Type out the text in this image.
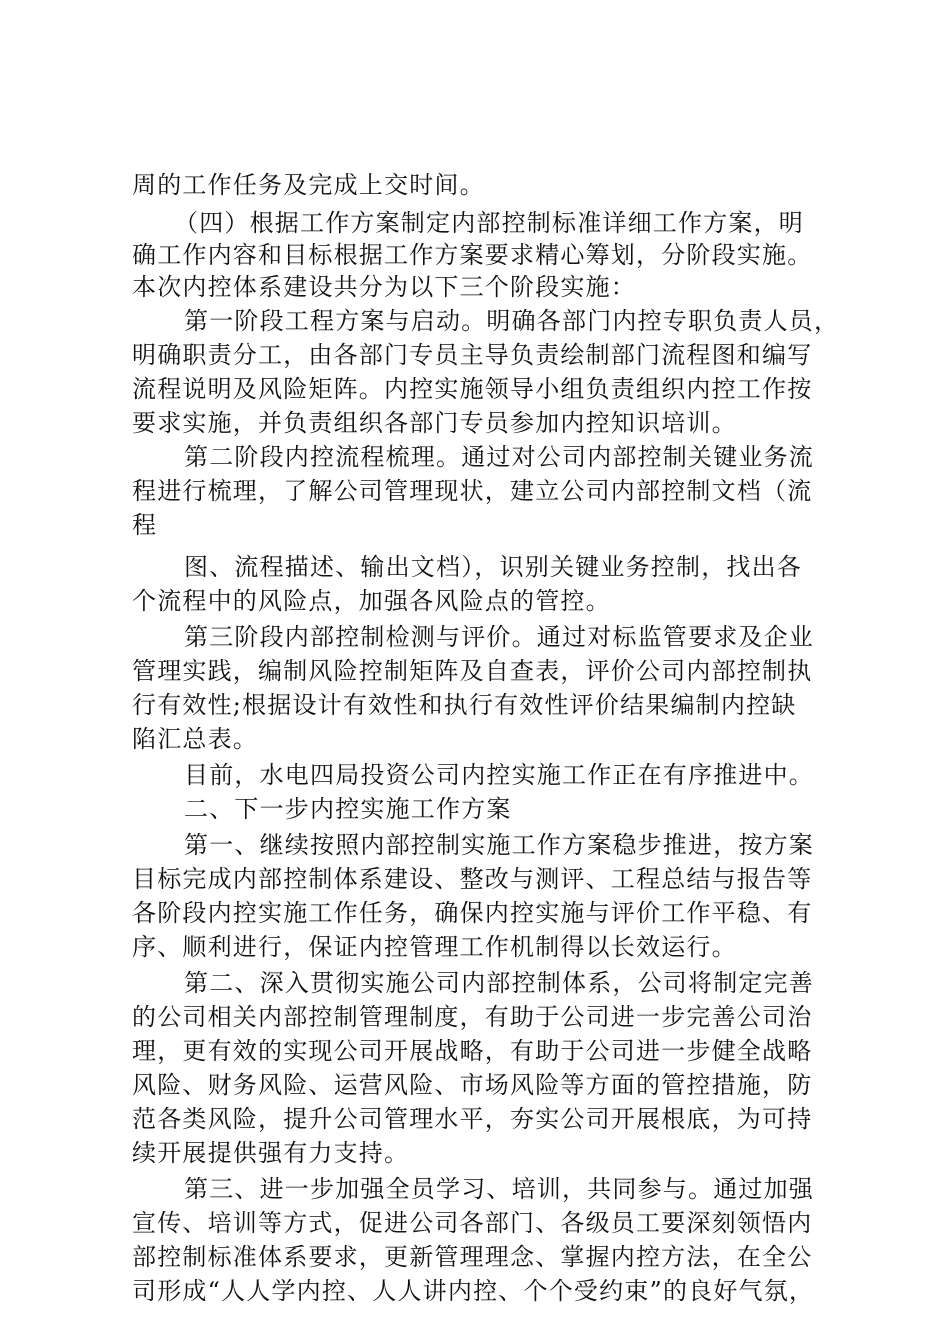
周的工作任务及完成上交时间。
（四）根据工作方案制定内部控制标准详细工作方案，明
确工作内容和目标根据工作方案要求精心筹划，分阶段实施。
本次内控体系建设共分为以下三个阶段实施：
第一阶段工程方案与启动。明确各部门内控专职负责人员，
明确职责分工，由各部门专员主导负责绘制部门流程图和编写
流程说明及风险矩阵。内控实施领导小组负责组织内控工作按
要求实施，并负责组织各部门专员参加内控知识培训。
第二阶段内控流程梳理。通过对公司内部控制关键业务流
程进行梳理，了解公司管理现状，建立公司内部控制文档（流
程
图、流程描述、输出文档），识别关键业务控制，找出各
个流程中的风险点，加强各风险点的管控。
第三阶段内部控制检测与评价。通过对标监管要求及企业
管理实践，编制风险控制矩阵及自查表，评价公司内部控制执
行有效性;根据设计有效性和执行有效性评价结果编制内控缺
陷汇总表。
目前，水电四局投资公司内控实施工作正在有序推进中。
二、下一步内控实施工作方案
第一、继续按照内部控制实施工作方案稳步推进，按方案
目标完成内部控制体系建设、整改与测评、工程总结与报告等
各阶段内控实施工作任务，确保内控实施与评价工作平稳、有
序、顺利进行，保证内控管理工作机制得以长效运行。
第二、深入贯彻实施公司内部控制体系，公司将制定完善
的公司相关内部控制管理制度，有助于公司进一步完善公司治
理，更有效的实现公司开展战略，有助于公司进一步健全战略
风险、财务风险、运营风险、市场风险等方面的管控措施，防
范各类风险，提升公司管理水平，夯实公司开展根底，为可持
续开展提供强有力支持。
第三、进一步加强全员学习、培训，共同参与。通过加强
宣传、培训等方式，促进公司各部门、各级员工要深刻领悟内
部控制标准体系要求，更新管理理念、掌握内控方法，在全公
司形成“人人学内控、人人讲内控、个个受约束”的良好气氛，
